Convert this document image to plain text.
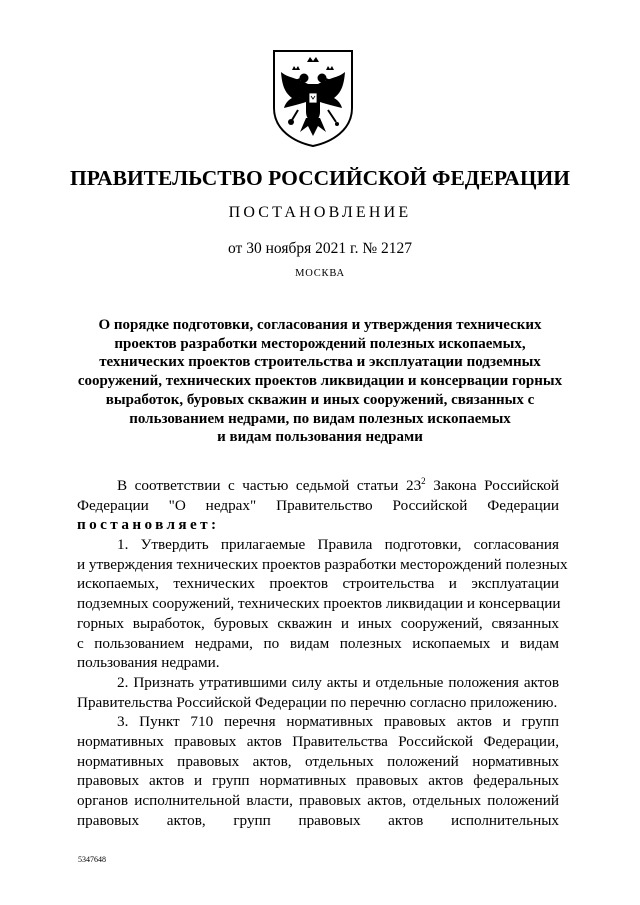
ПРАВИТЕЛЬСТВО РОССИЙСКОЙ ФЕДЕРАЦИИ
ПОСТАНОВЛЕНИЕ
от 30 ноября 2021 г. № 2127
МОСКВА
О порядке подготовки, согласования и утверждения технических
проектов разработки месторождений полезных ископаемых,
технических проектов строительства и эксплуатации подземных
сооружений, технических проектов ликвидации и консервации горных
выработок, буровых скважин и иных сооружений, связанных с
пользованием недрами, по видам полезных ископаемых
и видам пользования недрами
В соответствии с частью седьмой статьи $23^2$ Закона Российской
Федерации "О недрах" Правительство Российской Федерации
постановляет:
1. Утвердить прилагаемые Правила подготовки, согласования
и утверждения технических проектов разработки месторождений полезных
ископаемых, технических проектов строительства и эксплуатации
подземных сооружений, технических проектов ликвидации и консервации
горных выработок, буровых скважин и иных сооружений, связанных
с пользованием недрами, по видам полезных ископаемых и видам
пользования недрами.
2. Признать утратившими силу акты и отдельные положения актов
Правительства Российской Федерации по перечню согласно приложению.
3. Пункт 710 перечня нормативных правовых актов и групп
нормативных правовых актов Правительства Российской Федерации,
нормативных правовых актов, отдельных положений нормативных
правовых актов и групп нормативных правовых актов федеральных
органов исполнительной власти, правовых актов, отдельных положений
правовых актов, групп правовых актов исполнительных
5347648
